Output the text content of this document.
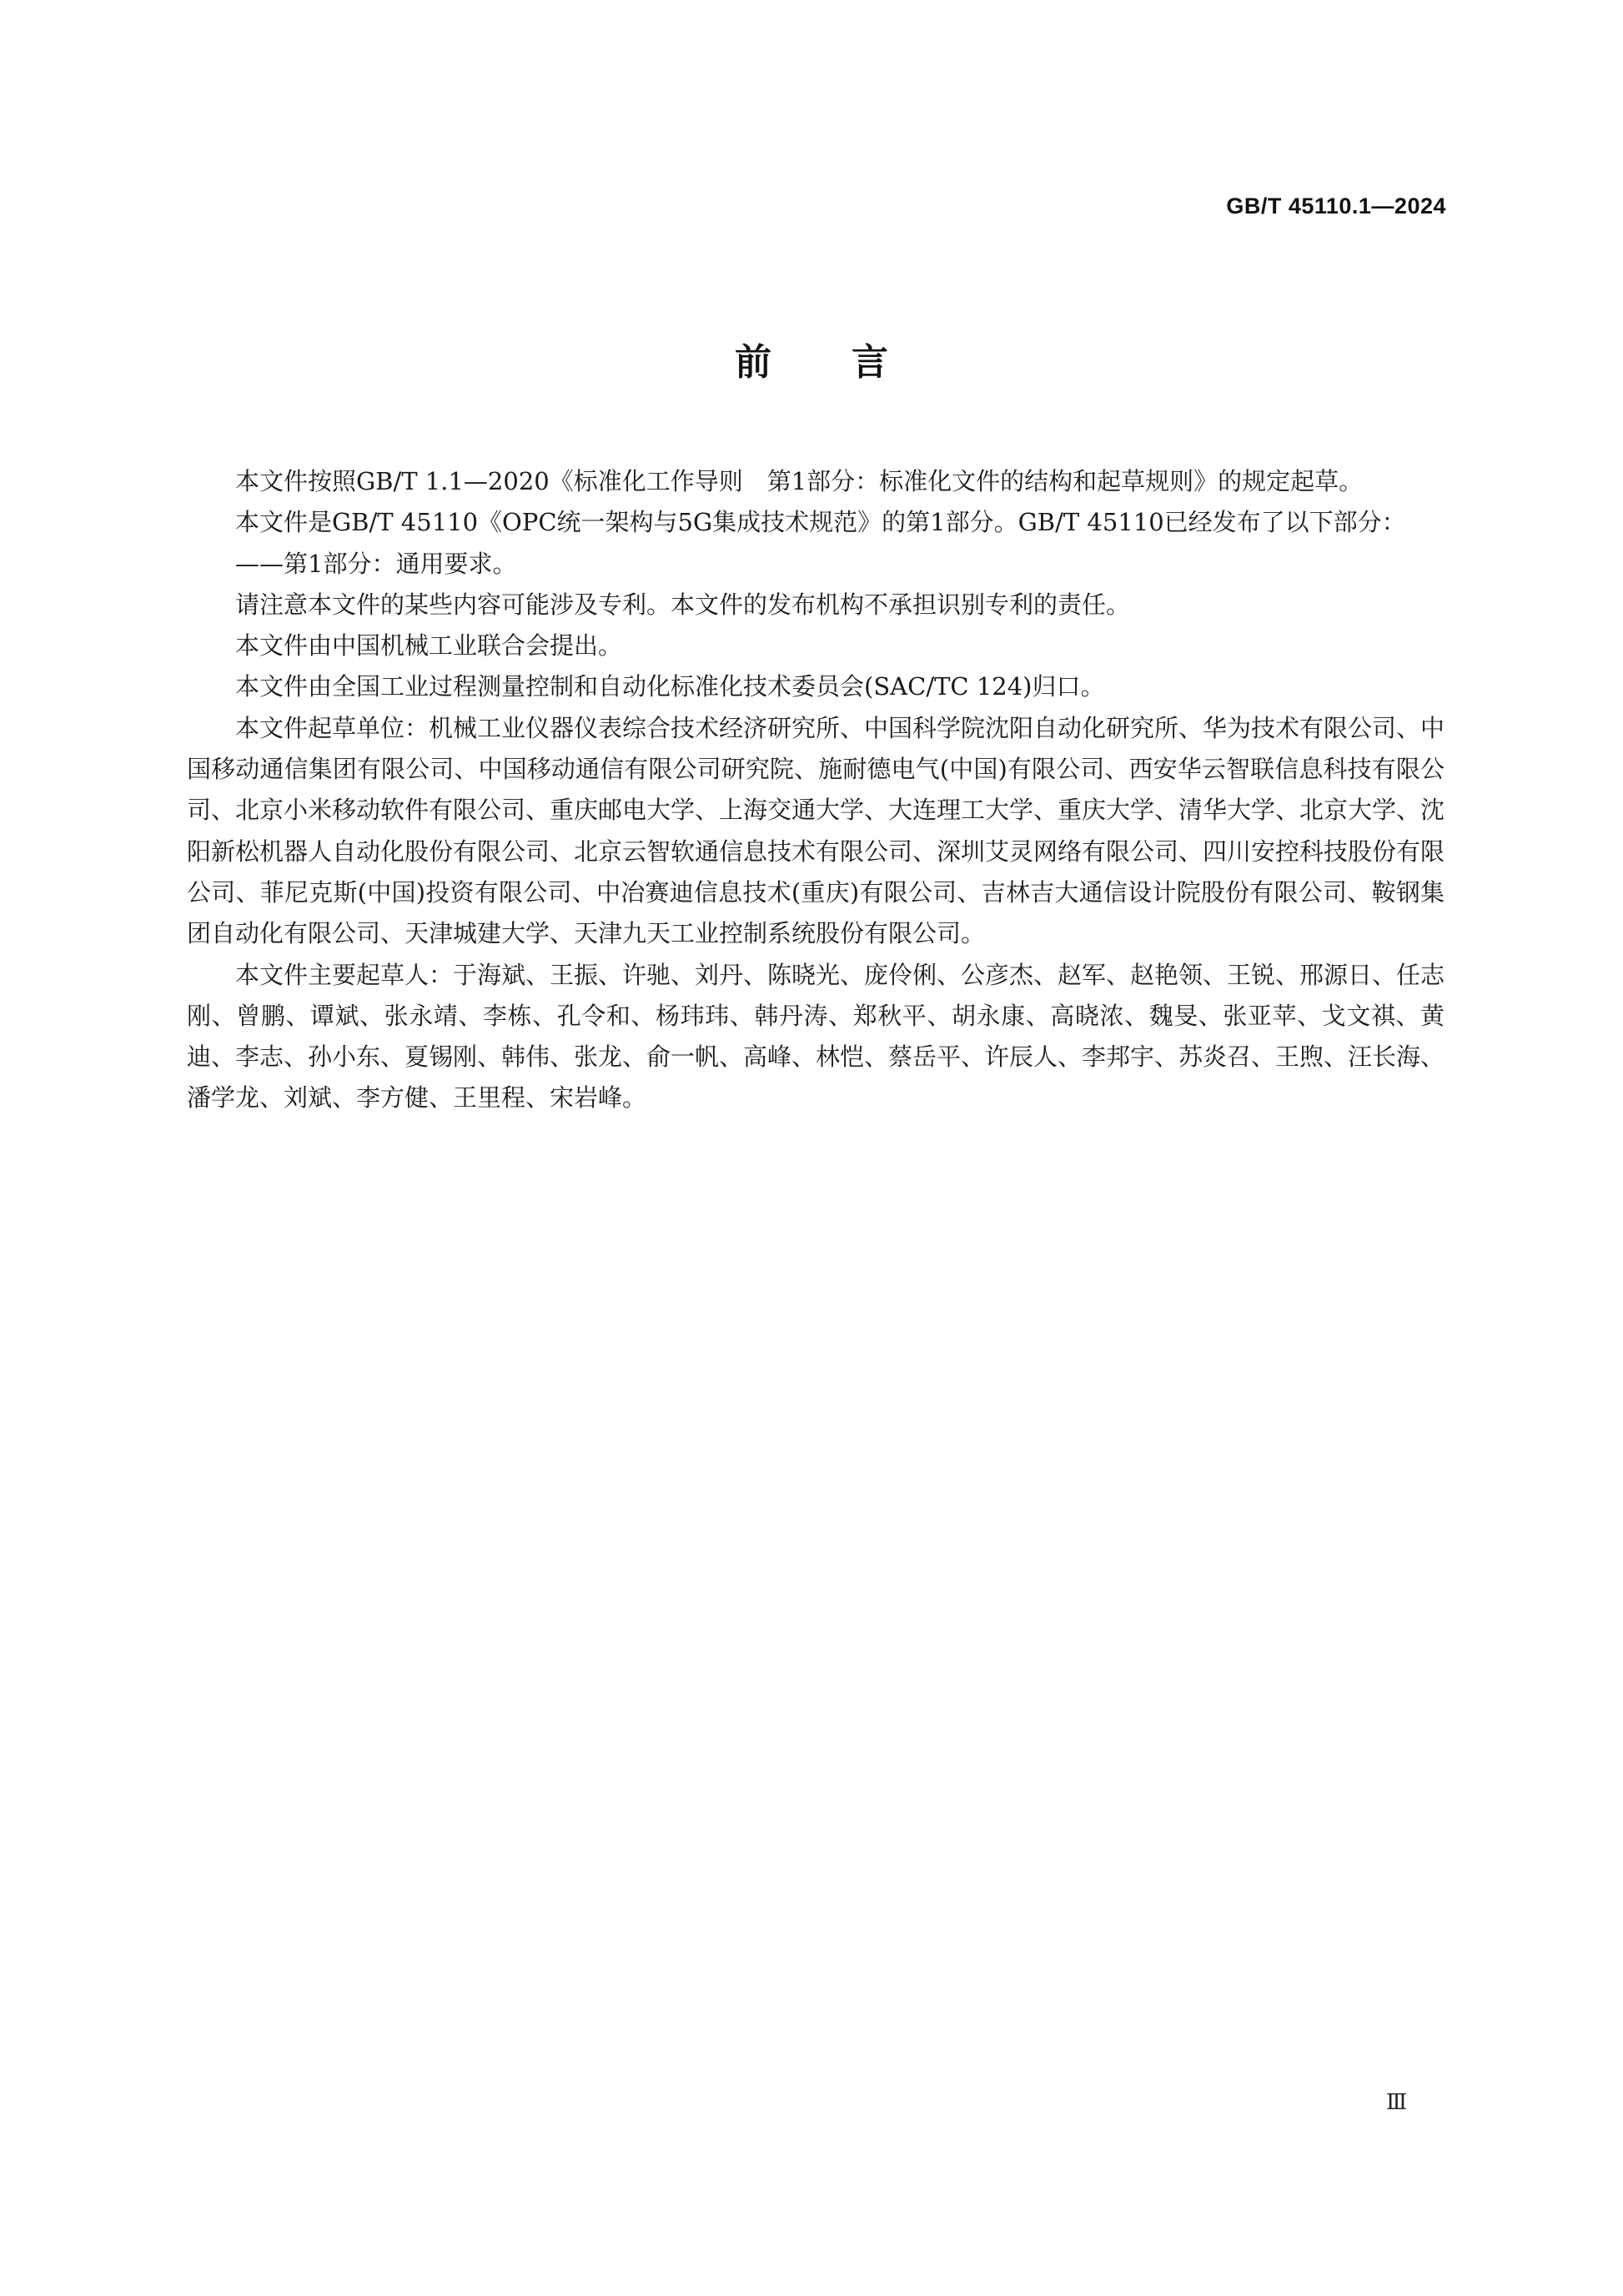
GB/T 45110.1—2024
前言

本文件按照GB/T 1.1—2020《标准化工作导则　第1部分：标准化文件的结构和起草规则》的规定起草。

本文件是GB/T 45110《OPC统一架构与5G集成技术规范》的第1部分。GB/T 45110已经发布了以下部分：

——第1部分：通用要求。

请注意本文件的某些内容可能涉及专利。本文件的发布机构不承担识别专利的责任。

本文件由中国机械工业联合会提出。

本文件由全国工业过程测量控制和自动化标准化技术委员会(SAC/TC 124)归口。

本文件起草单位：机械工业仪器仪表综合技术经济研究所、中国科学院沈阳自动化研究所、华为技术有限公司、中国移动通信集团有限公司、中国移动通信有限公司研究院、施耐德电气(中国)有限公司、西安华云智联信息科技有限公司、北京小米移动软件有限公司、重庆邮电大学、上海交通大学、大连理工大学、重庆大学、清华大学、北京大学、沈阳新松机器人自动化股份有限公司、北京云智软通信息技术有限公司、深圳艾灵网络有限公司、四川安控科技股份有限公司、菲尼克斯(中国)投资有限公司、中冶赛迪信息技术(重庆)有限公司、吉林吉大通信设计院股份有限公司、鞍钢集团自动化有限公司、天津城建大学、天津九天工业控制系统股份有限公司。

本文件主要起草人：于海斌、王振、许驰、刘丹、陈晓光、庞伶俐、公彦杰、赵军、赵艳领、王锐、邢源日、任志刚、曾鹏、谭斌、张永靖、李栋、孔令和、杨玮玮、韩丹涛、郑秋平、胡永康、高晓浓、魏旻、张亚苹、戈文祺、黄迪、李志、孙小东、夏锡刚、韩伟、张龙、俞一帆、高峰、林恺、蔡岳平、许辰人、李邦宇、苏炎召、王煦、汪长海、潘学龙、刘斌、李方健、王里程、宋岩峰。

Ⅲ
